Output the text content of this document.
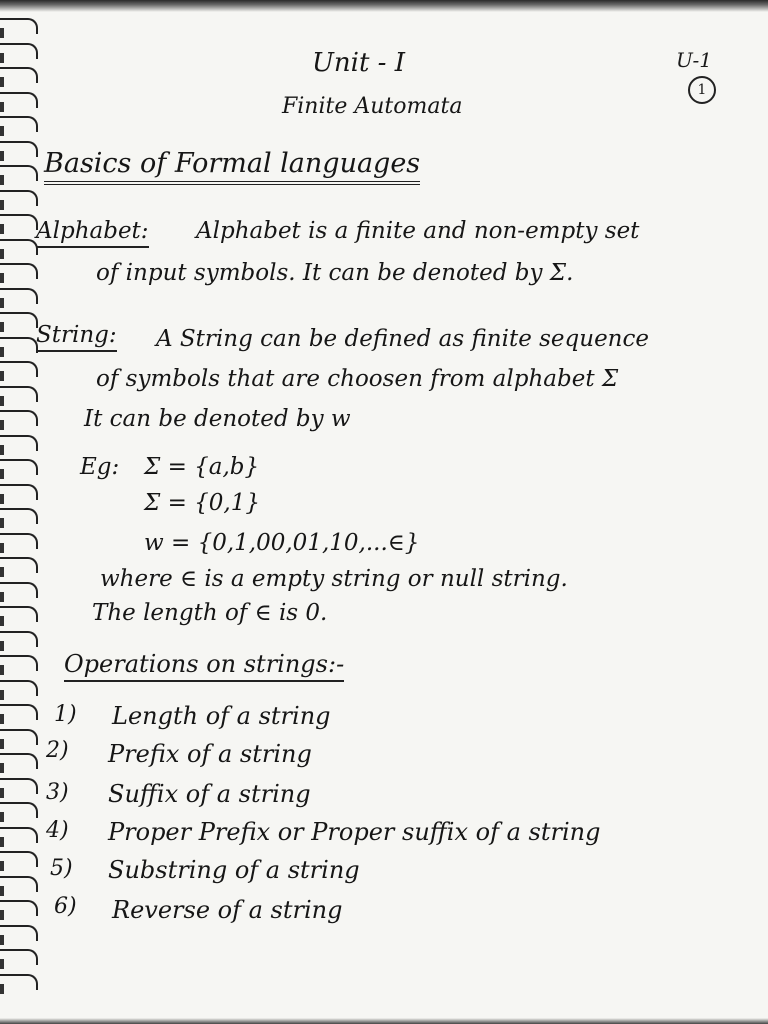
Unit - I
Finite Automata
U-1
1
Basics of Formal languages
Alphabet: Alphabet is a finite and non-empty set
of input symbols. It can be denoted by Σ.
String: A String can be defined as finite sequence
of symbols that are choosen from alphabet Σ
It can be denoted by w
Eg: Σ = {a,b}
Σ = {0,1}
w = {0,1,00,01,10,...∈}
where ∈ is a empty string or null string.
The length of ∈ is 0.
Operations on strings:-
1) Length of a string
2) Prefix of a string
3) Suffix of a string
4) Proper Prefix or Proper suffix of a string
5) Substring of a string
6) Reverse of a string
